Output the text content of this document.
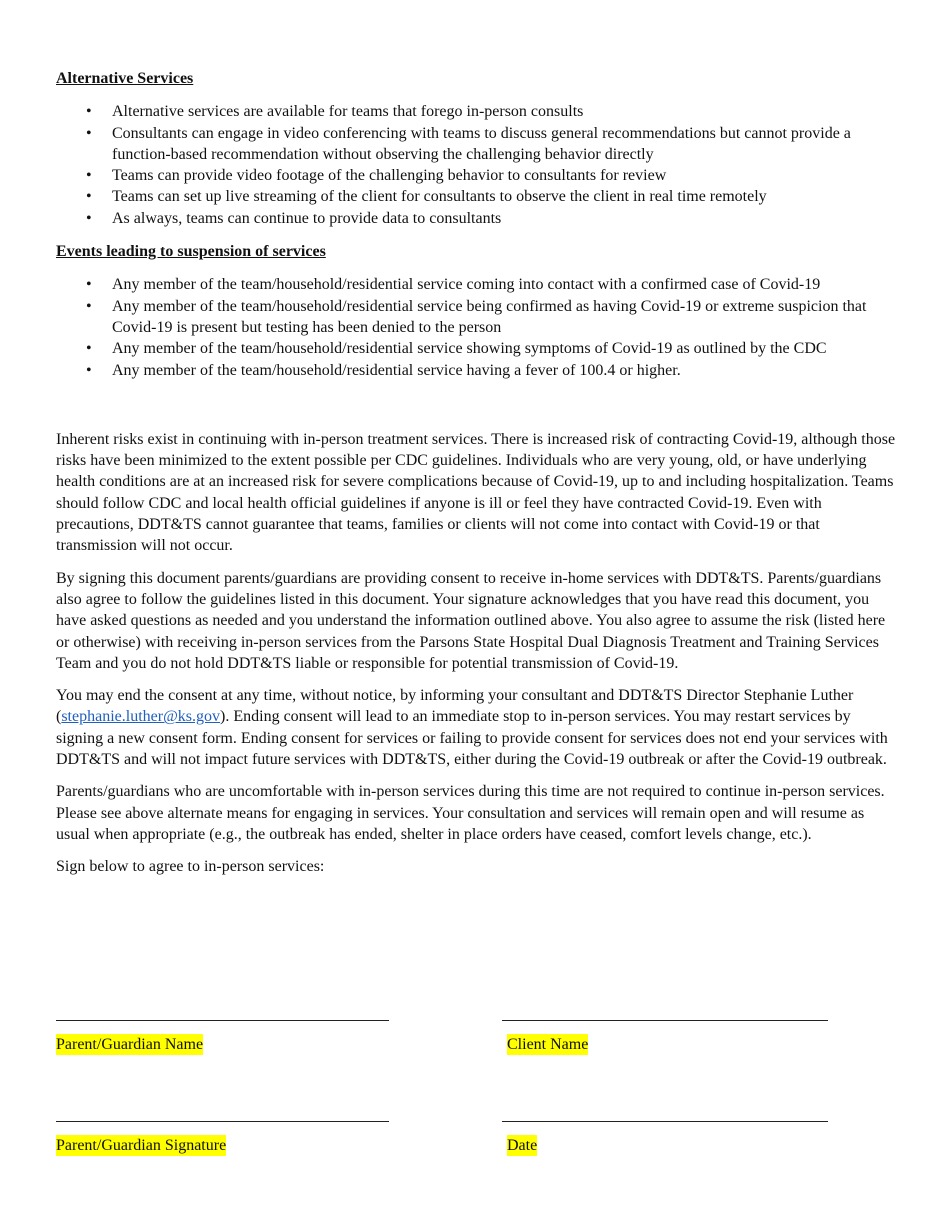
Alternative Services
• Alternative services are available for teams that forego in-person consults
• Consultants can engage in video conferencing with teams to discuss general recommendations but cannot provide a function-based recommendation without observing the challenging behavior directly
• Teams can provide video footage of the challenging behavior to consultants for review
• Teams can set up live streaming of the client for consultants to observe the client in real time remotely
• As always, teams can continue to provide data to consultants
Events leading to suspension of services
• Any member of the team/household/residential service coming into contact with a confirmed case of Covid-19
• Any member of the team/household/residential service being confirmed as having Covid-19 or extreme suspicion that Covid-19 is present but testing has been denied to the person
• Any member of the team/household/residential service showing symptoms of Covid-19 as outlined by the CDC
• Any member of the team/household/residential service having a fever of 100.4 or higher.

Inherent risks exist in continuing with in-person treatment services. There is increased risk of contracting Covid-19, although those risks have been minimized to the extent possible per CDC guidelines. Individuals who are very young, old, or have underlying health conditions are at an increased risk for severe complications because of Covid-19, up to and including hospitalization. Teams should follow CDC and local health official guidelines if anyone is ill or feel they have contracted Covid-19. Even with precautions, DDT&TS cannot guarantee that teams, families or clients will not come into contact with Covid-19 or that transmission will not occur.

By signing this document parents/guardians are providing consent to receive in-home services with DDT&TS. Parents/guardians also agree to follow the guidelines listed in this document. Your signature acknowledges that you have read this document, you have asked questions as needed and you understand the information outlined above. You also agree to assume the risk (listed here or otherwise) with receiving in-person services from the Parsons State Hospital Dual Diagnosis Treatment and Training Services Team and you do not hold DDT&TS liable or responsible for potential transmission of Covid-19.

You may end the consent at any time, without notice, by informing your consultant and DDT&TS Director Stephanie Luther (stephanie.luther@ks.gov). Ending consent will lead to an immediate stop to in-person services. You may restart services by signing a new consent form. Ending consent for services or failing to provide consent for services does not end your services with DDT&TS and will not impact future services with DDT&TS, either during the Covid-19 outbreak or after the Covid-19 outbreak.

Parents/guardians who are uncomfortable with in-person services during this time are not required to continue in-person services. Please see above alternate means for engaging in services. Your consultation and services will remain open and will resume as usual when appropriate (e.g., the outbreak has ended, shelter in place orders have ceased, comfort levels change, etc.).

Sign below to agree to in-person services:

Parent/Guardian Name	Client Name
Parent/Guardian Signature	Date
